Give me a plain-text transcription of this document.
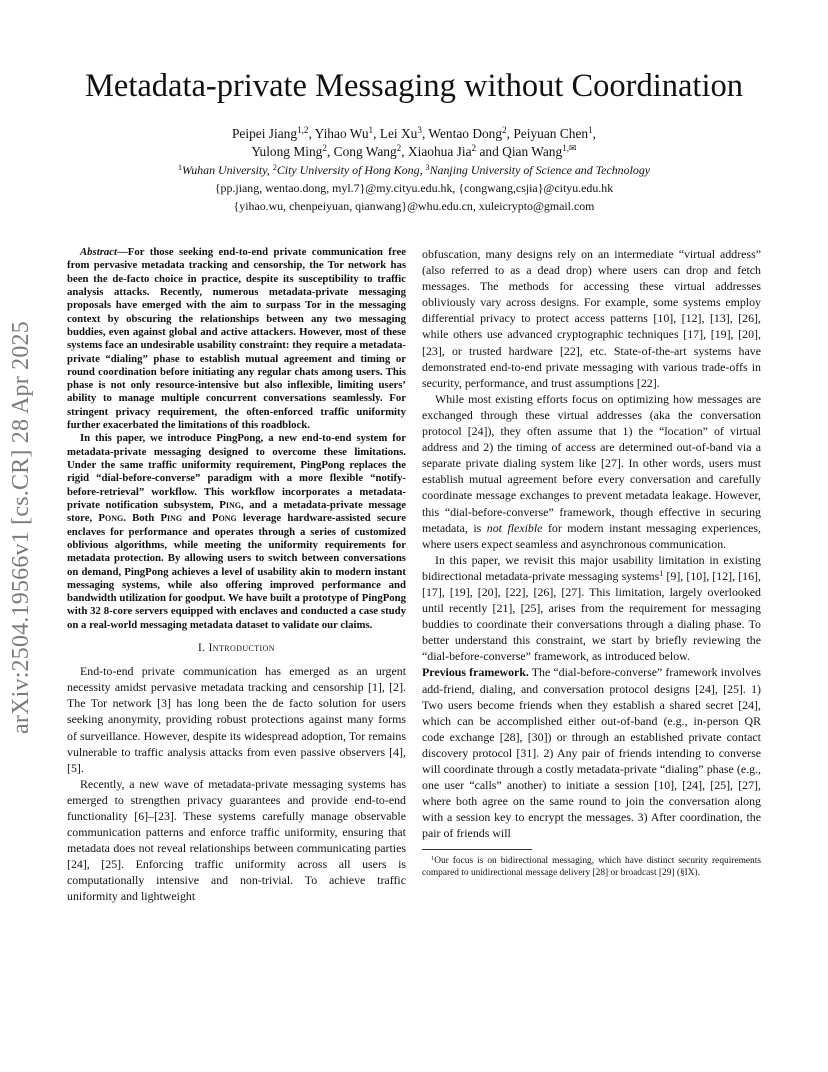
arXiv:2504.19566v1 [cs.CR] 28 Apr 2025
Metadata-private Messaging without Coordination
Peipei Jiang$^{1,2}$, Yihao Wu$^1$, Lei Xu$^3$, Wentao Dong$^2$, Peiyuan Chen$^1$,
Yulong Ming$^2$, Cong Wang$^2$, Xiaohua Jia$^2$ and Qian Wang$^{1,✉}$
$^1$Wuhan University, $^2$City University of Hong Kong, $^3$Nanjing University of Science and Technology
{pp.jiang, wentao.dong, myl.7}@my.cityu.edu.hk, {congwang,csjia}@cityu.edu.hk
{yihao.wu, chenpeiyuan, qianwang}@whu.edu.cn, xuleicrypto@gmail.com

Abstract—For those seeking end-to-end private communication free from pervasive metadata tracking and censorship, the Tor network has been the de-facto choice in practice, despite its susceptibility to traffic analysis attacks. Recently, numerous metadata-private messaging proposals have emerged with the aim to surpass Tor in the messaging context by obscuring the relationships between any two messaging buddies, even against global and active attackers. However, most of these systems face an undesirable usability constraint: they require a metadata-private “dialing” phase to establish mutual agreement and timing or round coordination before initiating any regular chats among users. This phase is not only resource-intensive but also inflexible, limiting users’ ability to manage multiple concurrent conversations seamlessly. For stringent privacy requirement, the often-enforced traffic uniformity further exacerbated the limitations of this roadblock.

In this paper, we introduce PingPong, a new end-to-end system for metadata-private messaging designed to overcome these limitations. Under the same traffic uniformity requirement, PingPong replaces the rigid “dial-before-converse” paradigm with a more flexible “notify-before-retrieval” workflow. This workflow incorporates a metadata-private notification subsystem, Ping, and a metadata-private message store, Pong. Both Ping and Pong leverage hardware-assisted secure enclaves for performance and operates through a series of customized oblivious algorithms, while meeting the uniformity requirements for metadata protection. By allowing users to switch between conversations on demand, PingPong achieves a level of usability akin to modern instant messaging systems, while also offering improved performance and bandwidth utilization for goodput. We have built a prototype of PingPong with 32 8-core servers equipped with enclaves and conducted a case study on a real-world messaging metadata dataset to validate our claims.

I. Introduction

End-to-end private communication has emerged as an urgent necessity amidst pervasive metadata tracking and censorship [1], [2]. The Tor network [3] has long been the de facto solution for users seeking anonymity, providing robust protections against many forms of surveillance. However, despite its widespread adoption, Tor remains vulnerable to traffic analysis attacks from even passive observers [4], [5].

Recently, a new wave of metadata-private messaging systems has emerged to strengthen privacy guarantees and provide end-to-end functionality [6]–[23]. These systems carefully manage observable communication patterns and enforce traffic uniformity, ensuring that metadata does not reveal relationships between communicating parties [24], [25]. Enforcing traffic uniformity across all users is computationally intensive and non-trivial. To achieve traffic uniformity and lightweight

obfuscation, many designs rely on an intermediate “virtual address” (also referred to as a dead drop) where users can drop and fetch messages. The methods for accessing these virtual addresses obliviously vary across designs. For example, some systems employ differential privacy to protect access patterns [10], [12], [13], [26], while others use advanced cryptographic techniques [17], [19], [20], [23], or trusted hardware [22], etc. State-of-the-art systems have demonstrated end-to-end private messaging with various trade-offs in security, performance, and trust assumptions [22].

While most existing efforts focus on optimizing how messages are exchanged through these virtual addresses (aka the conversation protocol [24]), they often assume that 1) the “location” of virtual address and 2) the timing of access are determined out-of-band via a separate private dialing system like [27]. In other words, users must establish mutual agreement before every conversation and carefully coordinate message exchanges to prevent metadata leakage. However, this “dial-before-converse” framework, though effective in securing metadata, is not flexible for modern instant messaging experiences, where users expect seamless and asynchronous communication.

In this paper, we revisit this major usability limitation in existing bidirectional metadata-private messaging systems$^1$ [9], [10], [12], [16], [17], [19], [20], [22], [26], [27]. This limitation, largely overlooked until recently [21], [25], arises from the requirement for messaging buddies to coordinate their conversations through a dialing phase. To better understand this constraint, we start by briefly reviewing the “dial-before-converse” framework, as introduced below.

Previous framework. The “dial-before-converse” framework involves add-friend, dialing, and conversation protocol designs [24], [25]. 1) Two users become friends when they establish a shared secret [24], which can be accomplished either out-of-band (e.g., in-person QR code exchange [28], [30]) or through an established private contact discovery protocol [31]. 2) Any pair of friends intending to converse will coordinate through a costly metadata-private “dialing” phase (e.g., one user “calls” another) to initiate a session [10], [24], [25], [27], where both agree on the same round to join the conversation along with a session key to encrypt the messages. 3) After coordination, the pair of friends will

$^1$Our focus is on bidirectional messaging, which have distinct security requirements compared to unidirectional message delivery [28] or broadcast [29] (§IX).
